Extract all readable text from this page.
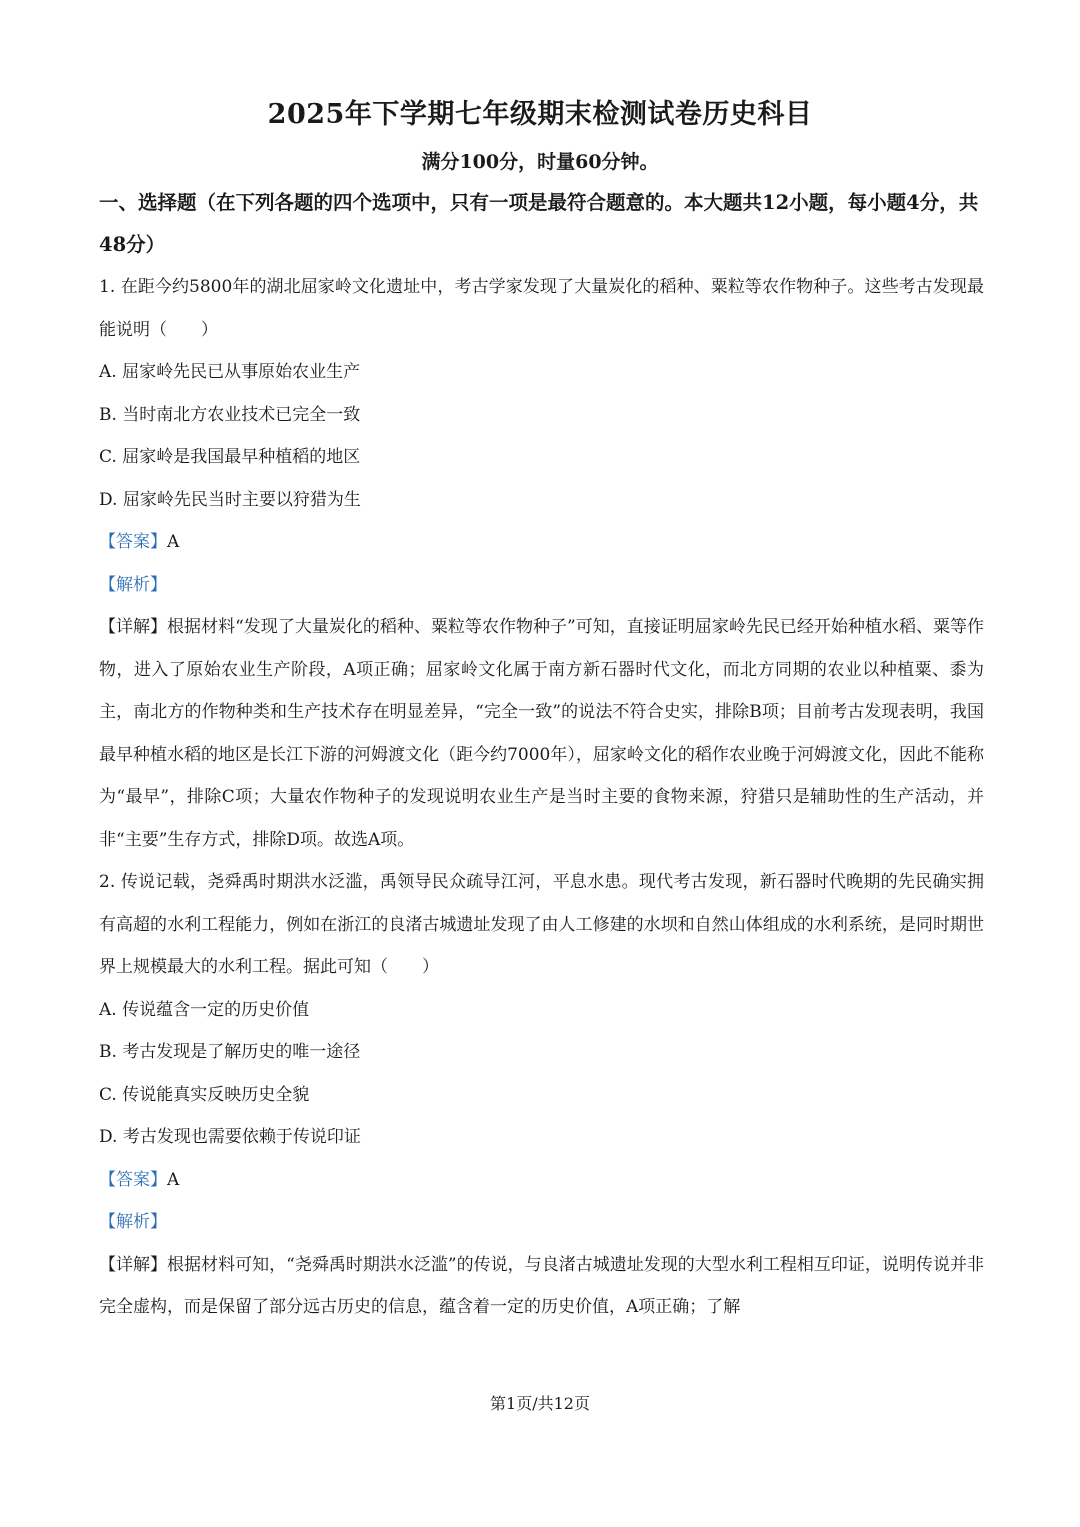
2025年下学期七年级期末检测试卷历史科目
满分100分，时量60分钟。

一、选择题（在下列各题的四个选项中，只有一项是最符合题意的。本大题共12小题，每小题4分，共48分）

1. 在距今约5800年的湖北屈家岭文化遗址中，考古学家发现了大量炭化的稻种、粟粒等农作物种子。这些考古发现最能说明（　　）

A. 屈家岭先民已从事原始农业生产

B. 当时南北方农业技术已完全一致

C. 屈家岭是我国最早种植稻的地区

D. 屈家岭先民当时主要以狩猎为生

【答案】A

【解析】

【详解】根据材料“发现了大量炭化的稻种、粟粒等农作物种子”可知，直接证明屈家岭先民已经开始种植水稻、粟等作物，进入了原始农业生产阶段，A项正确；屈家岭文化属于南方新石器时代文化，而北方同期的农业以种植粟、黍为主，南北方的作物种类和生产技术存在明显差异，“完全一致”的说法不符合史实，排除B项；目前考古发现表明，我国最早种植水稻的地区是长江下游的河姆渡文化（距今约7000年），屈家岭文化的稻作农业晚于河姆渡文化，因此不能称为“最早”，排除C项；大量农作物种子的发现说明农业生产是当时主要的食物来源，狩猎只是辅助性的生产活动，并非“主要”生存方式，排除D项。故选A项。

2. 传说记载，尧舜禹时期洪水泛滥，禹领导民众疏导江河，平息水患。现代考古发现，新石器时代晚期的先民确实拥有高超的水利工程能力，例如在浙江的良渚古城遗址发现了由人工修建的水坝和自然山体组成的水利系统，是同时期世界上规模最大的水利工程。据此可知（　　）

A. 传说蕴含一定的历史价值

B. 考古发现是了解历史的唯一途径

C. 传说能真实反映历史全貌

D. 考古发现也需要依赖于传说印证

【答案】A

【解析】

【详解】根据材料可知，“尧舜禹时期洪水泛滥”的传说，与良渚古城遗址发现的大型水利工程相互印证，说明传说并非完全虚构，而是保留了部分远古历史的信息，蕴含着一定的历史价值，A项正确；了解

第1页/共12页
